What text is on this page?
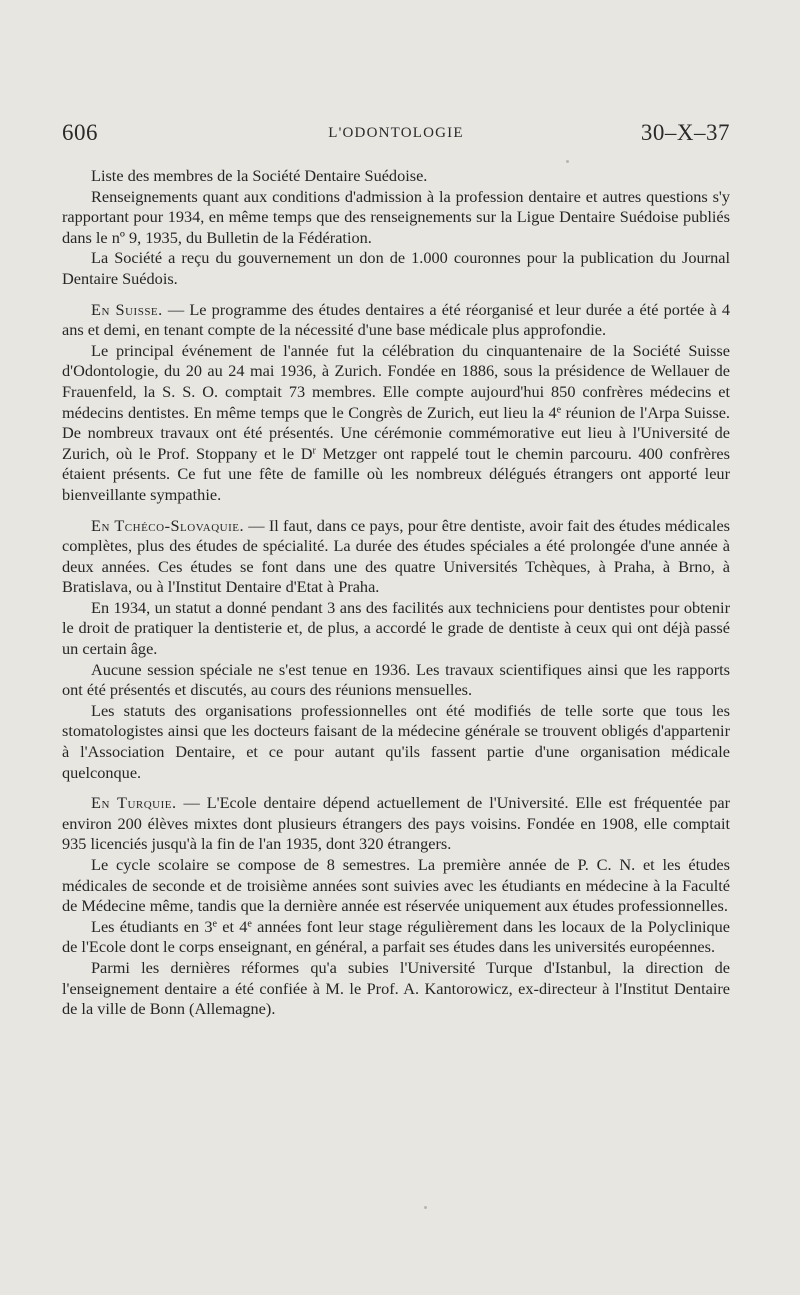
606	L'ODONTOLOGIE	30–X–37

Liste des membres de la Société Dentaire Suédoise.

Renseignements quant aux conditions d'admission à la profession dentaire et autres questions s'y rapportant pour 1934, en même temps que des renseignements sur la Ligue Dentaire Suédoise publiés dans le nº 9, 1935, du Bulletin de la Fédération.

La Société a reçu du gouvernement un don de 1.000 couronnes pour la publication du Journal Dentaire Suédois.

En Suisse. — Le programme des études dentaires a été réorganisé et leur durée a été portée à 4 ans et demi, en tenant compte de la nécessité d'une base médicale plus approfondie.

Le principal événement de l'année fut la célébration du cinquantenaire de la Société Suisse d'Odontologie, du 20 au 24 mai 1936, à Zurich. Fondée en 1886, sous la présidence de Wellauer de Frauenfeld, la S. S. O. comptait 73 membres. Elle compte aujourd'hui 850 confrères médecins et médecins dentistes. En même temps que le Congrès de Zurich, eut lieu la 4e réunion de l'Arpa Suisse. De nombreux travaux ont été présentés. Une cérémonie commémorative eut lieu à l'Université de Zurich, où le Prof. Stoppany et le $D^r$ Metzger ont rappelé tout le chemin parcouru. 400 confrères étaient présents. Ce fut une fête de famille où les nombreux délégués étrangers ont apporté leur bienveillante sympathie.

En Tchéco-Slovaquie. — Il faut, dans ce pays, pour être dentiste, avoir fait des études médicales complètes, plus des études de spécialité. La durée des études spéciales a été prolongée d'une année à deux années. Ces études se font dans une des quatre Universités Tchèques, à Praha, à Brno, à Bratislava, ou à l'Institut Dentaire d'Etat à Praha.

En 1934, un statut a donné pendant 3 ans des facilités aux techniciens pour dentistes pour obtenir le droit de pratiquer la dentisterie et, de plus, a accordé le grade de dentiste à ceux qui ont déjà passé un certain âge.

Aucune session spéciale ne s'est tenue en 1936. Les travaux scientifiques ainsi que les rapports ont été présentés et discutés, au cours des réunions mensuelles.

Les statuts des organisations professionnelles ont été modifiés de telle sorte que tous les stomatologistes ainsi que les docteurs faisant de la médecine générale se trouvent obligés d'appartenir à l'Association Dentaire, et ce pour autant qu'ils fassent partie d'une organisation médicale quelconque.

En Turquie. — L'Ecole dentaire dépend actuellement de l'Université. Elle est fréquentée par environ 200 élèves mixtes dont plusieurs étrangers des pays voisins. Fondée en 1908, elle comptait 935 licenciés jusqu'à la fin de l'an 1935, dont 320 étrangers.

Le cycle scolaire se compose de 8 semestres. La première année de P. C. N. et les études médicales de seconde et de troisième années sont suivies avec les étudiants en médecine à la Faculté de Médecine même, tandis que la dernière année est réservée uniquement aux études professionnelles.

Les étudiants en 3e et 4e années font leur stage régulièrement dans les locaux de la Polyclinique de l'Ecole dont le corps enseignant, en général, a parfait ses études dans les universités européennes.

Parmi les dernières réformes qu'a subies l'Université Turque d'Istanbul, la direction de l'enseignement dentaire a été confiée à M. le Prof. A. Kantorowicz, ex-directeur à l'Institut Dentaire de la ville de Bonn (Allemagne).
